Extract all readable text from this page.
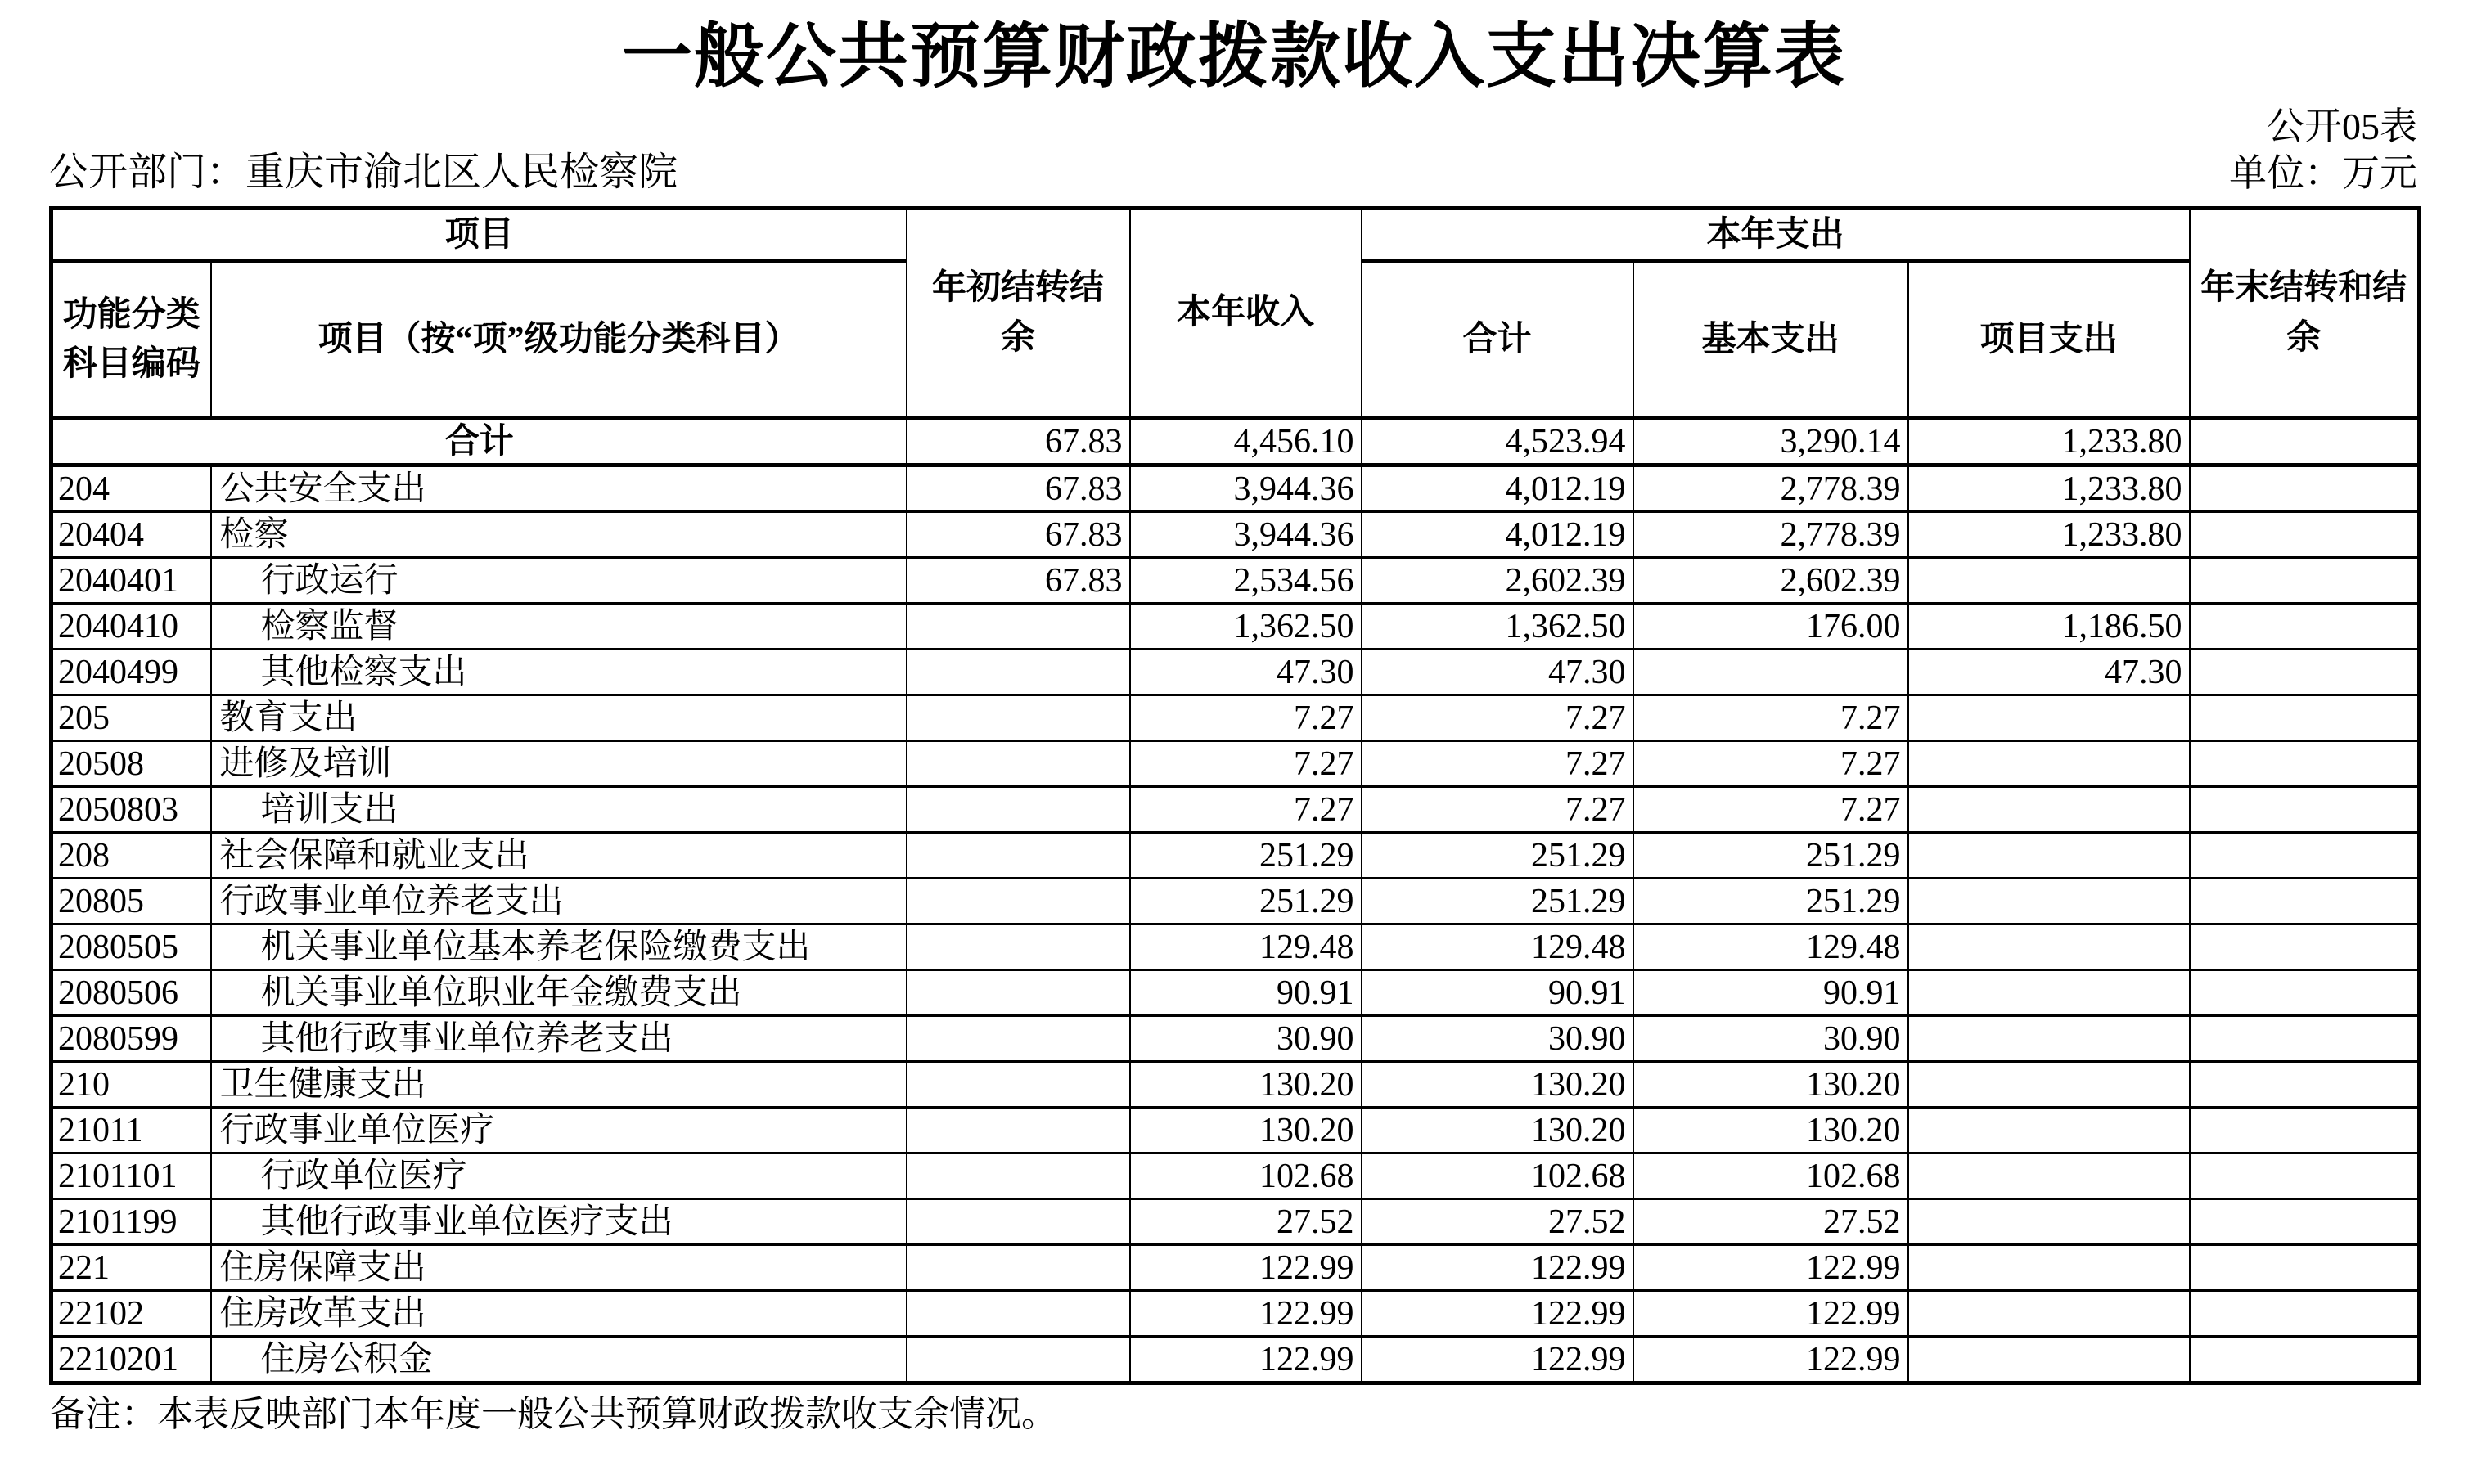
一般公共预算财政拨款收入支出决算表
公开部门：重庆市渝北区人民检察院
公开05表
单位：万元
项目		年初结转结余	本年收入	本年支出			年末结转和结余
功能分类科目编码	项目（按“项”级功能分类科目）			合计	基本支出	项目支出	
合计		67.83	4,456.10	4,523.94	3,290.14	1,233.80	
204	公共安全支出	67.83	3,944.36	4,012.19	2,778.39	1,233.80	
20404	检察	67.83	3,944.36	4,012.19	2,778.39	1,233.80	
2040401	行政运行	67.83	2,534.56	2,602.39	2,602.39		
2040410	检察监督		1,362.50	1,362.50	176.00	1,186.50	
2040499	其他检察支出		47.30	47.30		47.30	
205	教育支出		7.27	7.27	7.27		
20508	进修及培训		7.27	7.27	7.27		
2050803	培训支出		7.27	7.27	7.27		
208	社会保障和就业支出		251.29	251.29	251.29		
20805	行政事业单位养老支出		251.29	251.29	251.29		
2080505	机关事业单位基本养老保险缴费支出		129.48	129.48	129.48		
2080506	机关事业单位职业年金缴费支出		90.91	90.91	90.91		
2080599	其他行政事业单位养老支出		30.90	30.90	30.90		
210	卫生健康支出		130.20	130.20	130.20		
21011	行政事业单位医疗		130.20	130.20	130.20		
2101101	行政单位医疗		102.68	102.68	102.68		
2101199	其他行政事业单位医疗支出		27.52	27.52	27.52		
221	住房保障支出		122.99	122.99	122.99		
22102	住房改革支出		122.99	122.99	122.99		
2210201	住房公积金		122.99	122.99	122.99		
备注：本表反映部门本年度一般公共预算财政拨款收支余情况。
